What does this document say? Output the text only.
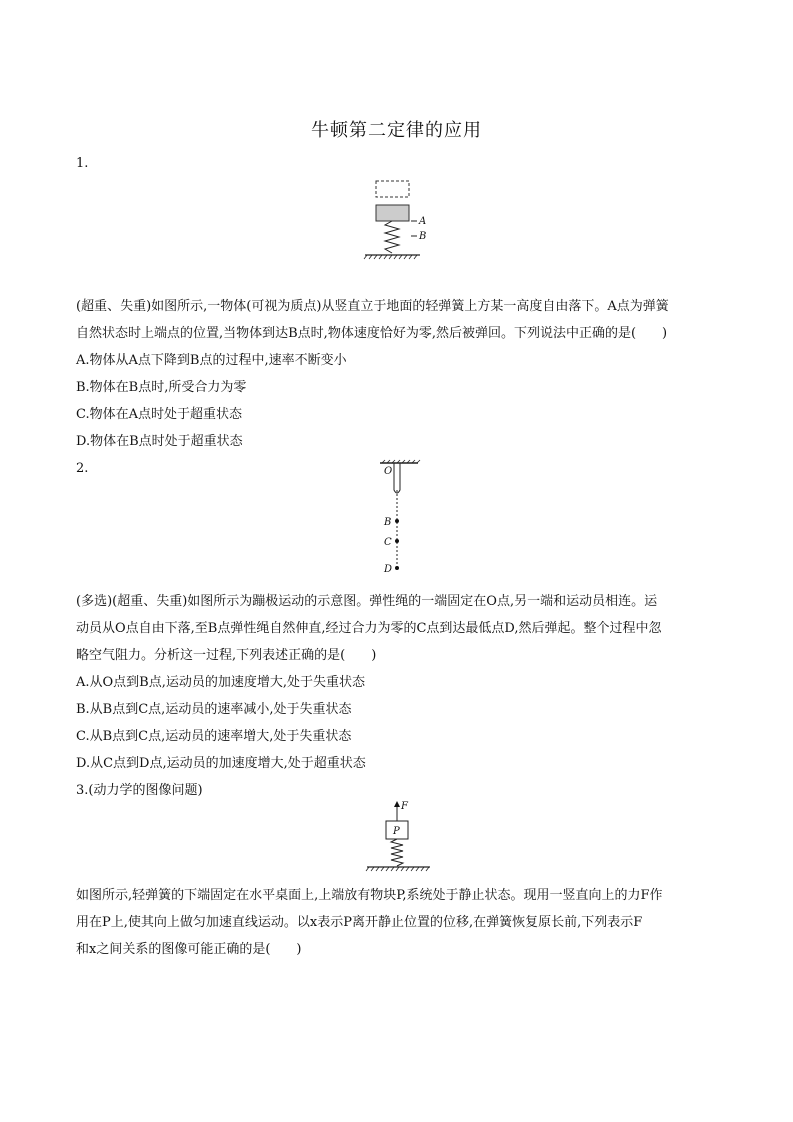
牛顿第二定律的应用
1.
A
B
(超重、失重)如图所示,一物体(可视为质点)从竖直立于地面的轻弹簧上方某一高度自由落下。A点为弹簧
自然状态时上端点的位置,当物体到达B点时,物体速度恰好为零,然后被弹回。下列说法中正确的是(　　)
A.物体从A点下降到B点的过程中,速率不断变小
B.物体在B点时,所受合力为零
C.物体在A点时处于超重状态
D.物体在B点时处于超重状态
2.	O
B
C
D
(多选)(超重、失重)如图所示为蹦极运动的示意图。弹性绳的一端固定在O点,另一端和运动员相连。运
动员从O点自由下落,至B点弹性绳自然伸直,经过合力为零的C点到达最低点D,然后弹起。整个过程中忽
略空气阻力。分析这一过程,下列表述正确的是(　　)
A.从O点到B点,运动员的加速度增大,处于失重状态
B.从B点到C点,运动员的速率减小,处于失重状态
C.从B点到C点,运动员的速率增大,处于失重状态
D.从C点到D点,运动员的加速度增大,处于超重状态
3.(动力学的图像问题)
F
P
如图所示,轻弹簧的下端固定在水平桌面上,上端放有物块P,系统处于静止状态。现用一竖直向上的力F作
用在P上,使其向上做匀加速直线运动。以x表示P离开静止位置的位移,在弹簧恢复原长前,下列表示F
和x之间关系的图像可能正确的是(　　)
